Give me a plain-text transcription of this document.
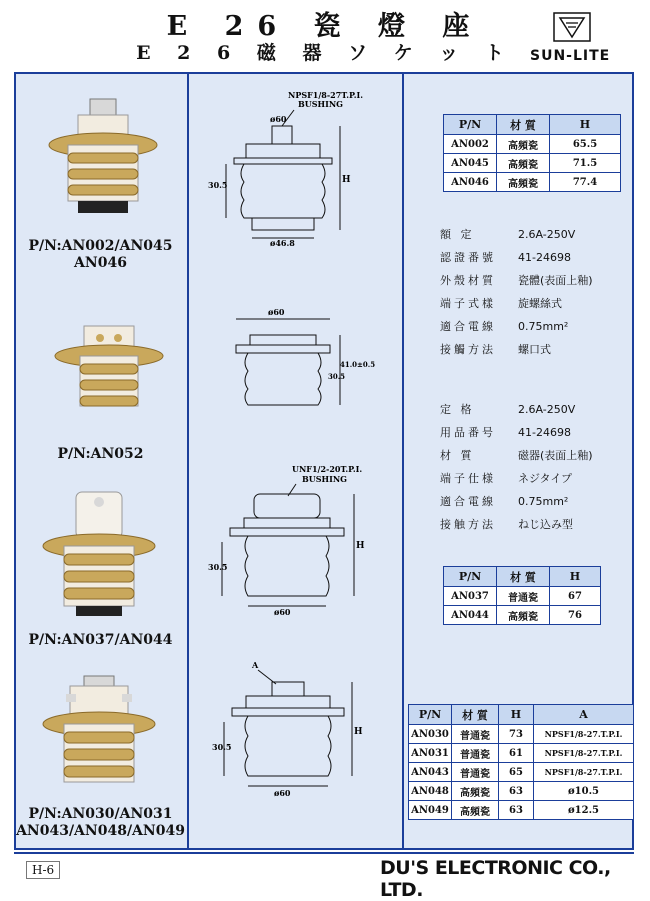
E 26 瓷 燈 座
E 2 6 磁 器 ソ ケ ッ ト	SUN-LITE
P/N:AN002/AN045
AN046
P/N:AN052
P/N:AN037/AN044
P/N:AN030/AN031
AN043/AN048/AN049
NPSF1/8-27T.P.I.
BUSHING
ø60
H
30.5
ø46.8
ø60
41.0±0.5
30.5
UNF1/2-20T.P.I.
BUSHING
H
30.5
ø60
A
H
30.5
ø60
P/N	材 質	H
AN002	高頻瓷	65.5
AN045	高頻瓷	71.5
AN046	高頻瓷	77.4
額 定	2.6A-250V
認證番號 41-24698
外殼材質 瓷體(表面上釉)
端子式樣 旋螺絲式
適合電線 0.75mm²
接觸方法 螺口式
定 格	2.6A-250V
用品番号 41-24698
材 質	磁器(表面上釉)
端子仕様 ネジタイプ
適合電線 0.75mm²
接触方法 ねじ込み型
P/N	材 質	H
AN037	普通瓷	67
AN044	高頻瓷	76
P/N	材 質	H	A
AN030	普通瓷	73	NPSF1/8-27.T.P.I.
AN031	普通瓷	61	NPSF1/8-27.T.P.I.
AN043	普通瓷	65	NPSF1/8-27.T.P.I.
AN048	高頻瓷	63	ø10.5
AN049	高頻瓷	63	ø12.5
H-6	DU'S ELECTRONIC CO., LTD.
